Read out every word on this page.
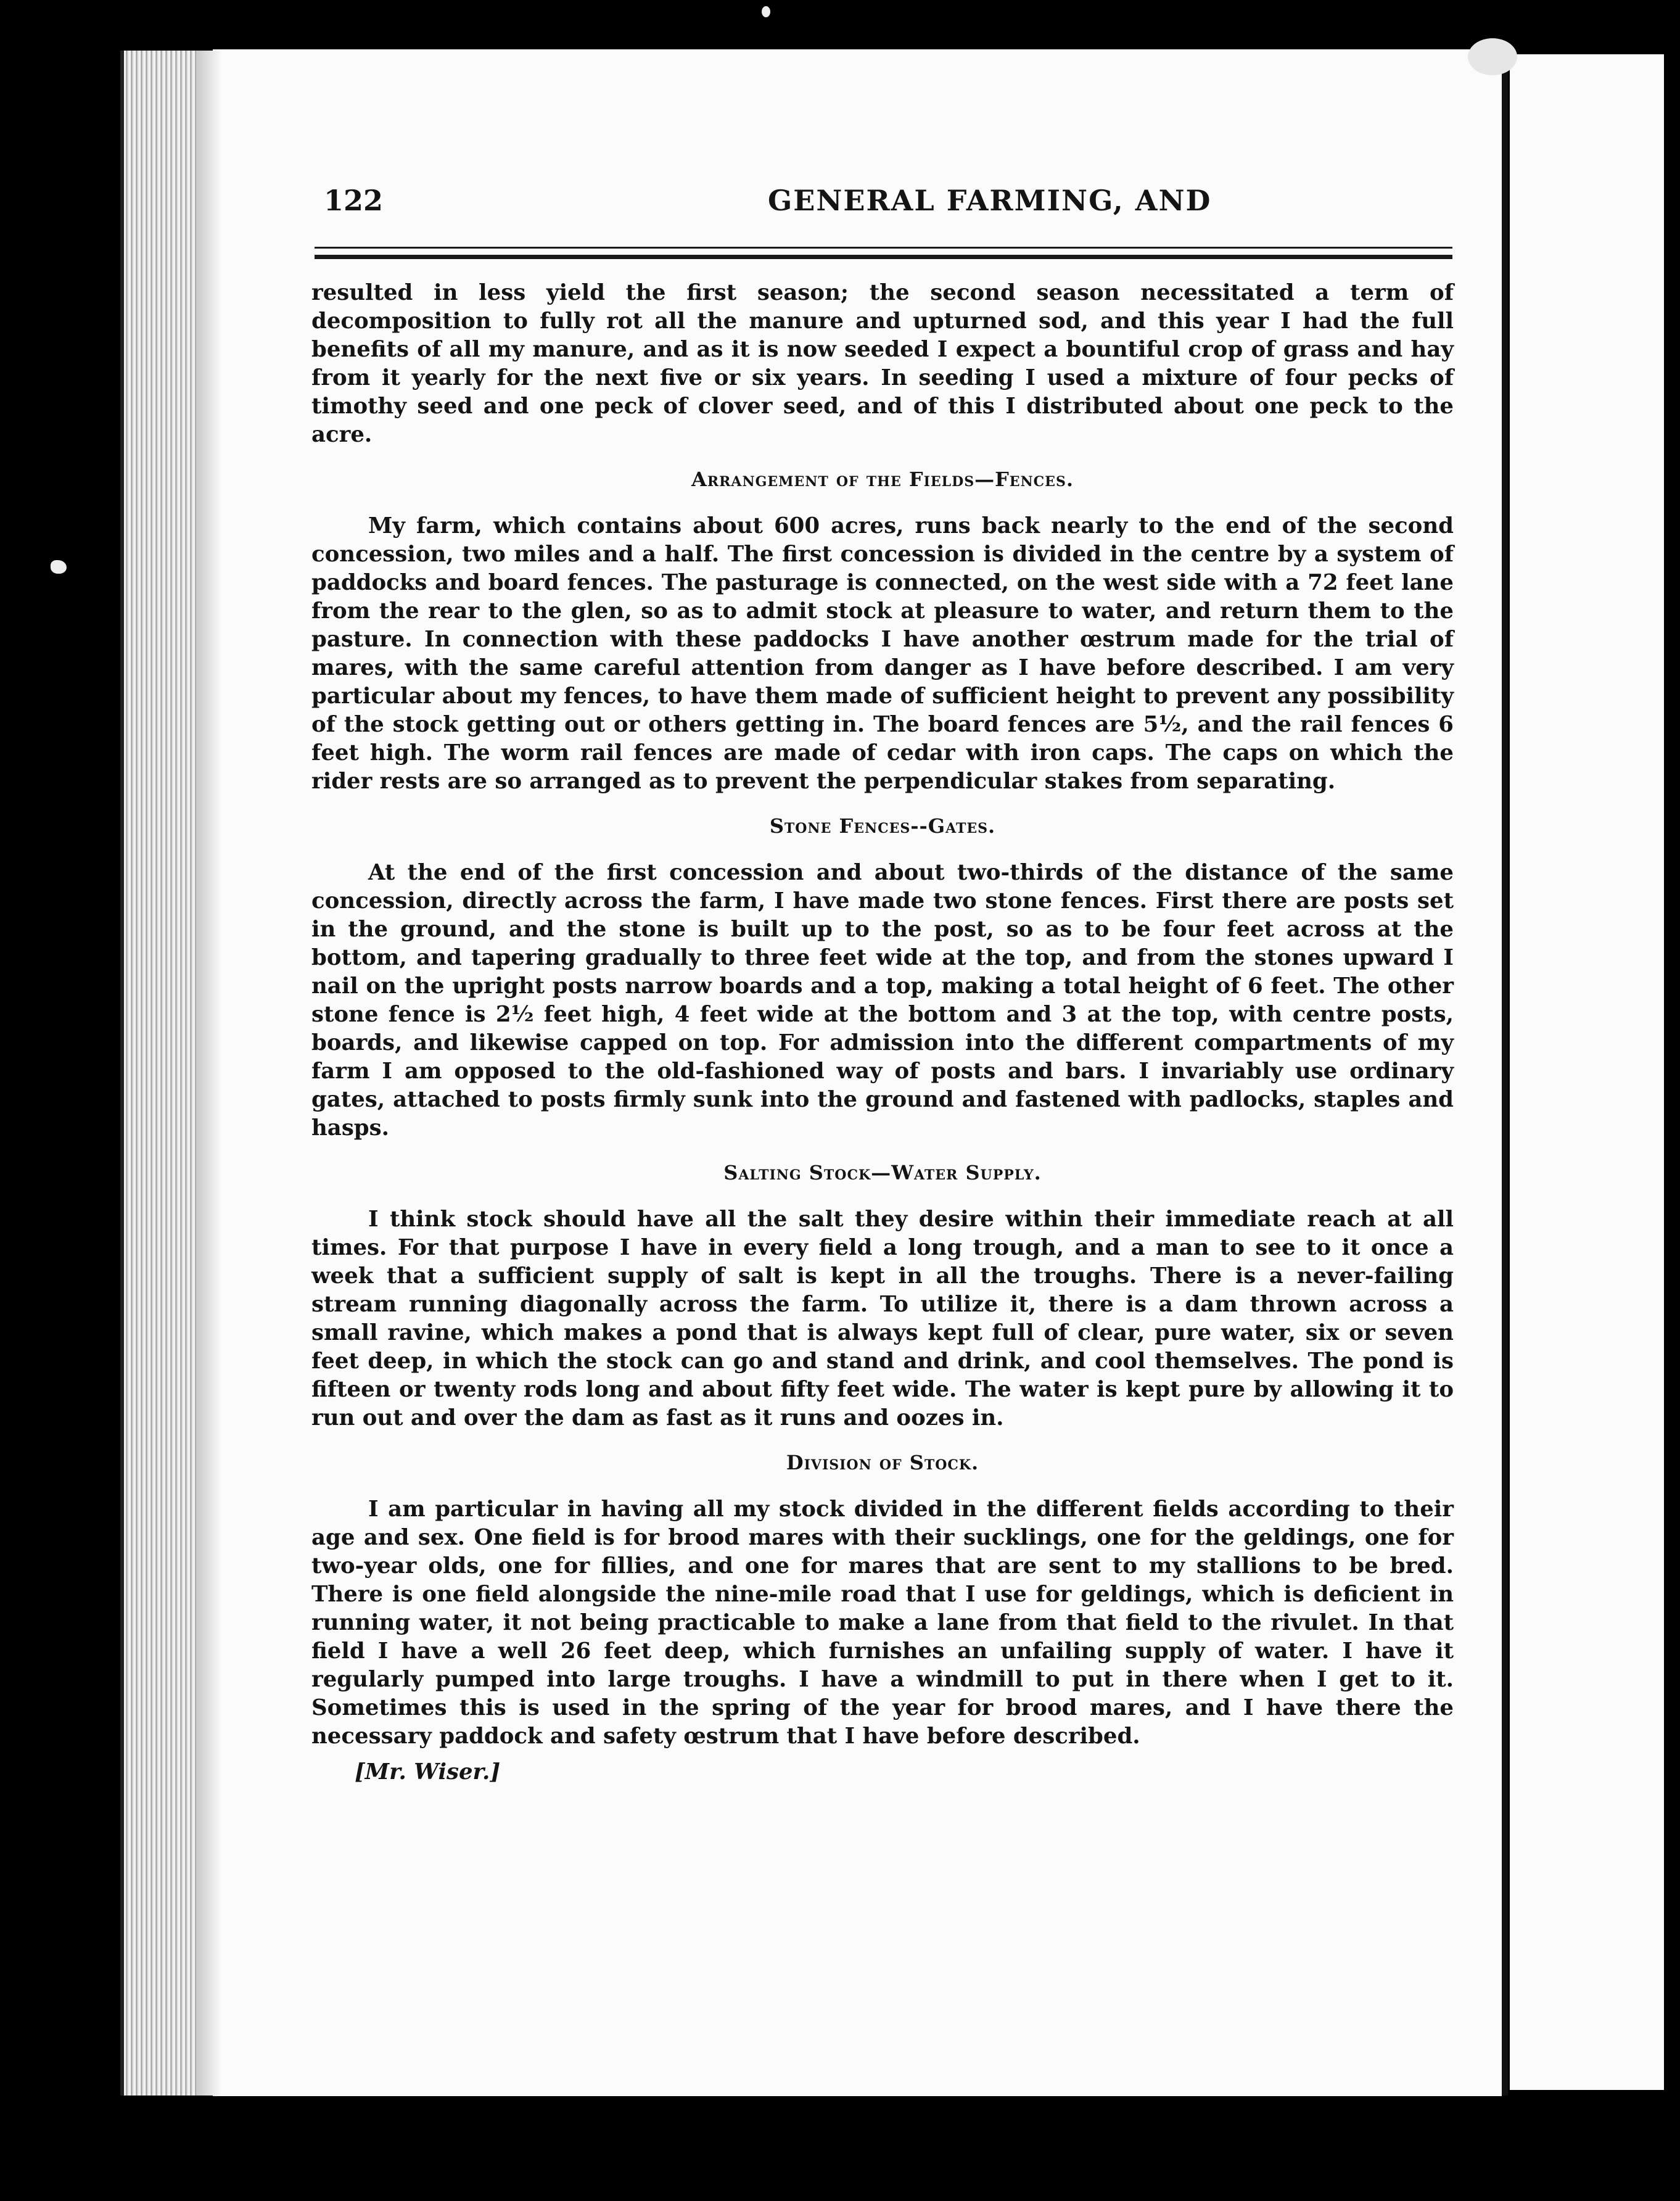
122	GENERAL FARMING, AND

resulted in less yield the first season; the second season necessitated a term of decomposition to fully rot all the manure and upturned sod, and this year I had the full benefits of all my manure, and as it is now seeded I expect a bountiful crop of grass and hay from it yearly for the next five or six years. In seeding I used a mixture of four pecks of timothy seed and one peck of clover seed, and of this I distributed about one peck to the acre.

Arrangement of the Fields—Fences.

My farm, which contains about 600 acres, runs back nearly to the end of the second concession, two miles and a half. The first concession is divided in the centre by a system of paddocks and board fences. The pasturage is connected, on the west side with a 72 feet lane from the rear to the glen, so as to admit stock at pleasure to water, and return them to the pasture. In connection with these paddocks I have another œstrum made for the trial of mares, with the same careful attention from danger as I have before described. I am very particular about my fences, to have them made of sufficient height to prevent any possibility of the stock getting out or others getting in. The board fences are 5½, and the rail fences 6 feet high. The worm rail fences are made of cedar with iron caps. The caps on which the rider rests are so arranged as to prevent the perpendicular stakes from separating.

Stone Fences--Gates.

At the end of the first concession and about two-thirds of the distance of the same concession, directly across the farm, I have made two stone fences. First there are posts set in the ground, and the stone is built up to the post, so as to be four feet across at the bottom, and tapering gradually to three feet wide at the top, and from the stones upward I nail on the upright posts narrow boards and a top, making a total height of 6 feet. The other stone fence is 2½ feet high, 4 feet wide at the bottom and 3 at the top, with centre posts, boards, and likewise capped on top. For admission into the different compartments of my farm I am opposed to the old-fashioned way of posts and bars. I invariably use ordinary gates, attached to posts firmly sunk into the ground and fastened with padlocks, staples and hasps.

Salting Stock—Water Supply.

I think stock should have all the salt they desire within their immediate reach at all times. For that purpose I have in every field a long trough, and a man to see to it once a week that a sufficient supply of salt is kept in all the troughs. There is a never-failing stream running diagonally across the farm. To utilize it, there is a dam thrown across a small ravine, which makes a pond that is always kept full of clear, pure water, six or seven feet deep, in which the stock can go and stand and drink, and cool themselves. The pond is fifteen or twenty rods long and about fifty feet wide. The water is kept pure by allowing it to run out and over the dam as fast as it runs and oozes in.

Division of Stock.

I am particular in having all my stock divided in the different fields according to their age and sex. One field is for brood mares with their sucklings, one for the geldings, one for two-year olds, one for fillies, and one for mares that are sent to my stallions to be bred. There is one field alongside the nine-mile road that I use for geldings, which is deficient in running water, it not being practicable to make a lane from that field to the rivulet. In that field I have a well 26 feet deep, which furnishes an unfailing supply of water. I have it regularly pumped into large troughs. I have a windmill to put in there when I get to it. Sometimes this is used in the spring of the year for brood mares, and I have there the necessary paddock and safety œstrum that I have before described.

[Mr. Wiser.]
